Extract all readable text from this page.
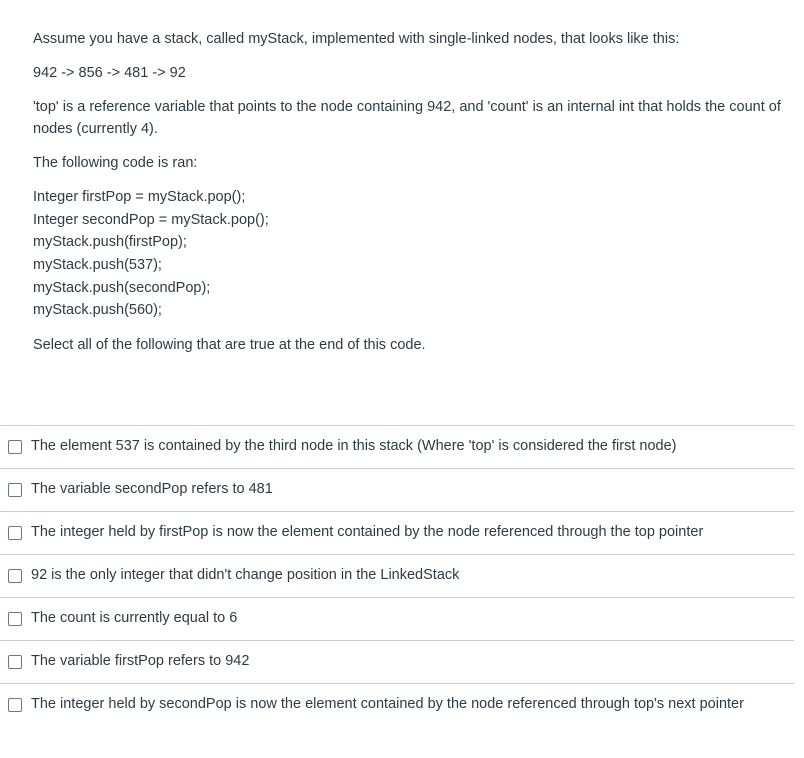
Assume you have a stack, called myStack, implemented with single-linked nodes, that looks like this:

942 -> 856 -> 481 -> 92

'top' is a reference variable that points to the node containing 942, and 'count' is an internal int that holds the count of nodes (currently 4).

The following code is ran:

Integer firstPop = myStack.pop();
Integer secondPop = myStack.pop();
myStack.push(firstPop);
myStack.push(537);
myStack.push(secondPop);
myStack.push(560);

Select all of the following that are true at the end of this code.

The element 537 is contained by the third node in this stack (Where 'top' is considered the first node)
The variable secondPop refers to 481
The integer held by firstPop is now the element contained by the node referenced through the top pointer
92 is the only integer that didn't change position in the LinkedStack
The count is currently equal to 6
The variable firstPop refers to 942
The integer held by secondPop is now the element contained by the node referenced through top's next pointer
